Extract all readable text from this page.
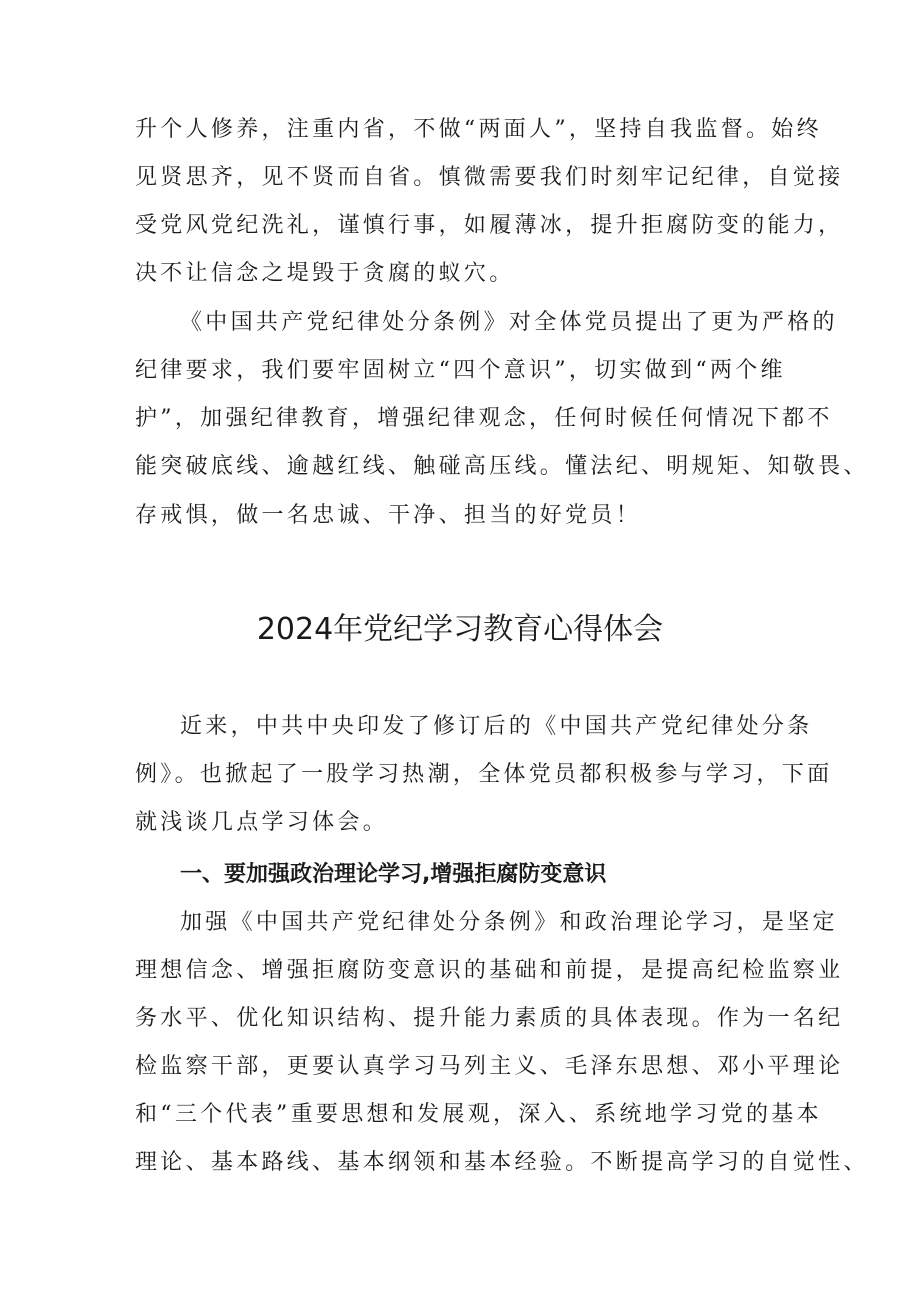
升个人修养，注重内省，不做“两面人”，坚持自我监督。始终
见贤思齐，见不贤而自省。慎微需要我们时刻牢记纪律，自觉接
受党风党纪洗礼，谨慎行事，如履薄冰，提升拒腐防变的能力，
决不让信念之堤毁于贪腐的蚁穴。
《中国共产党纪律处分条例》对全体党员提出了更为严格的
纪律要求，我们要牢固树立“四个意识”，切实做到“两个维
护”，加强纪律教育，增强纪律观念，任何时候任何情况下都不
能突破底线、逾越红线、触碰高压线。懂法纪、明规矩、知敬畏、
存戒惧，做一名忠诚、干净、担当的好党员！
2024年党纪学习教育心得体会
近来，中共中央印发了修订后的《中国共产党纪律处分条
例》。也掀起了一股学习热潮，全体党员都积极参与学习，下面
就浅谈几点学习体会。
一、要加强政治理论学习,增强拒腐防变意识
加强《中国共产党纪律处分条例》和政治理论学习，是坚定
理想信念、增强拒腐防变意识的基础和前提，是提高纪检监察业
务水平、优化知识结构、提升能力素质的具体表现。作为一名纪
检监察干部，更要认真学习马列主义、毛泽东思想、邓小平理论
和“三个代表”重要思想和发展观，深入、系统地学习党的基本
理论、基本路线、基本纲领和基本经验。不断提高学习的自觉性、
